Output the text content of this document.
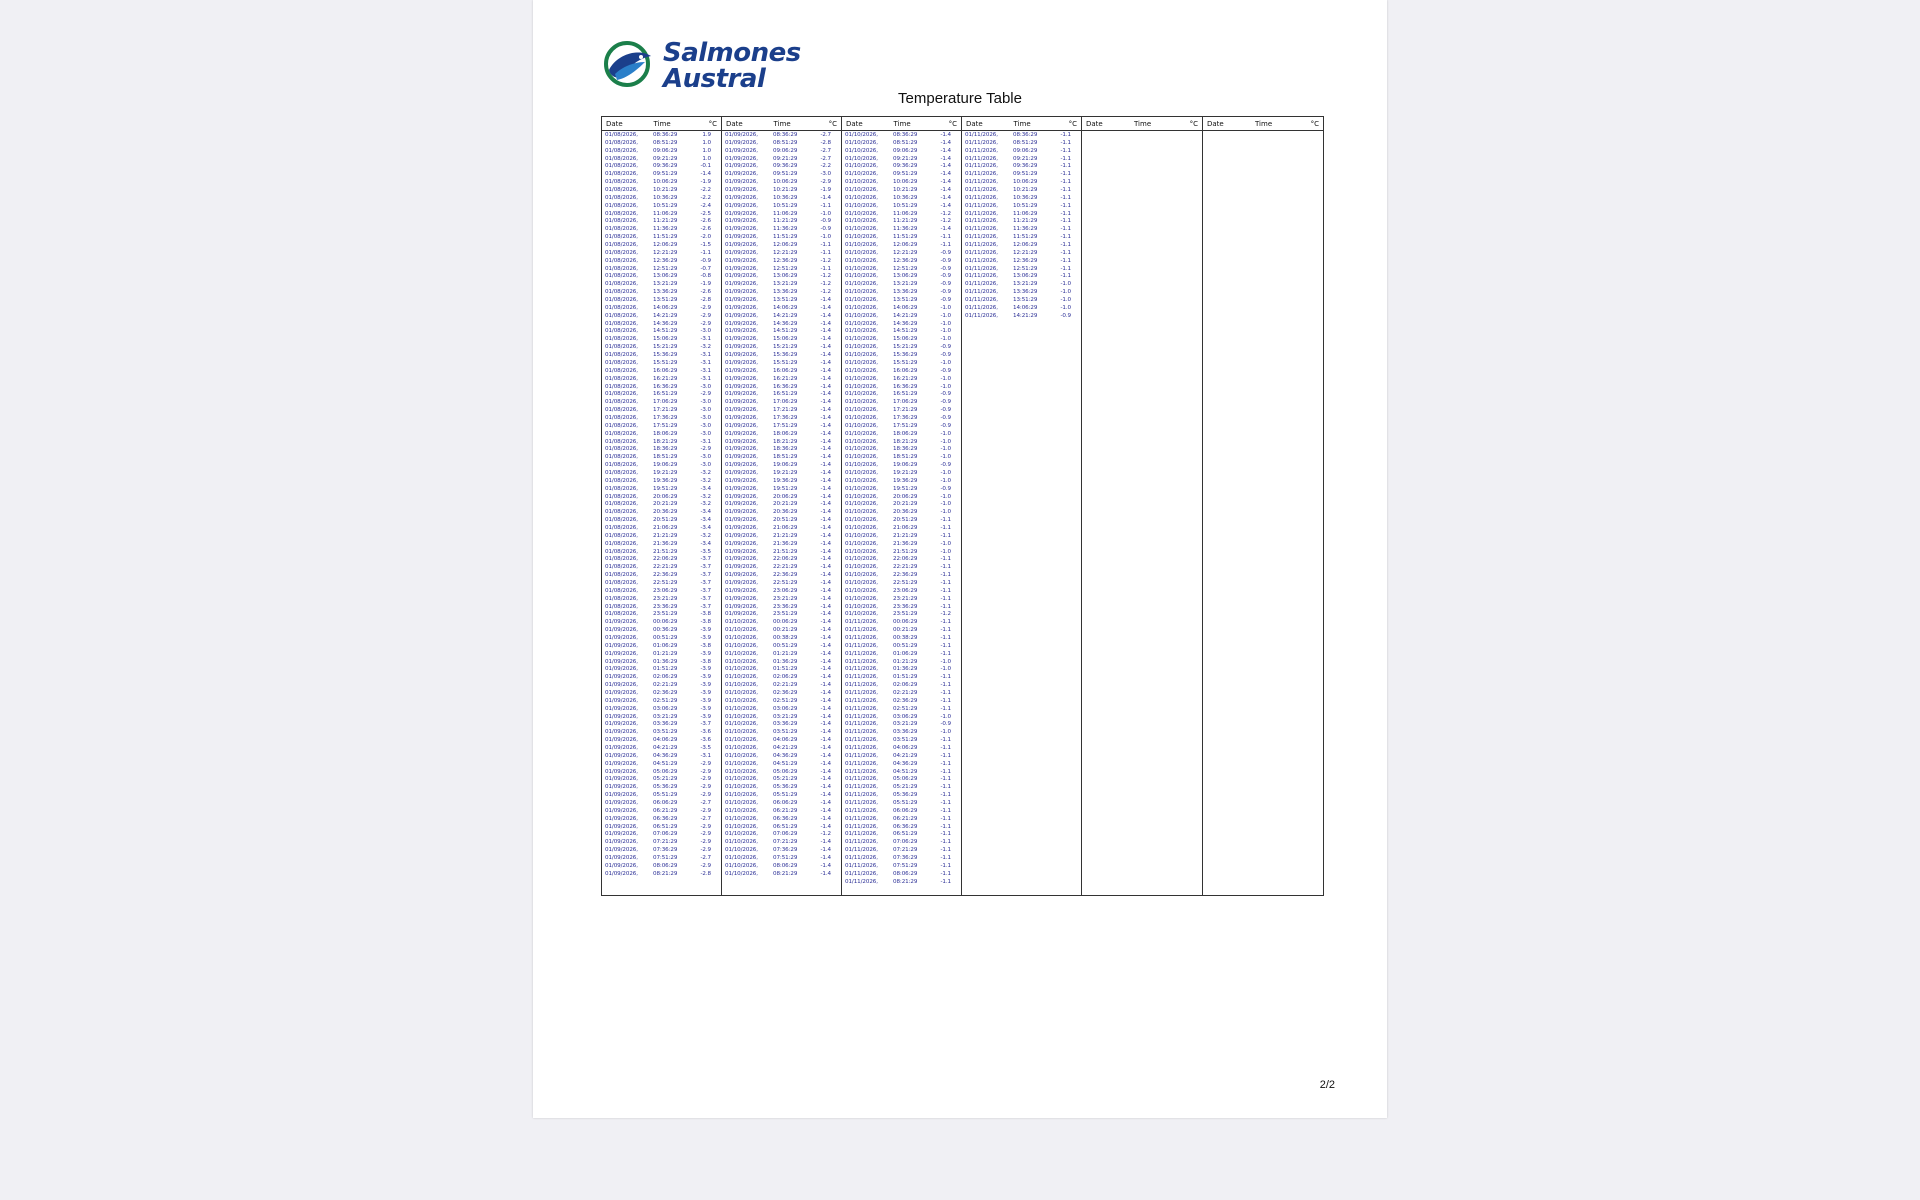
Salmones
Austral
Temperature Table
Date Time °C	Date Time °C	Date Time °C	Date Time °C	Date Time °C	Date Time °C

01/08/2026,	08:36:29	1.9
01/08/2026,	08:51:29	1.0
01/08/2026,	09:06:29	1.0
01/08/2026,	09:21:29	1.0
01/08/2026,	09:36:29	-0.1
01/08/2026,	09:51:29	-1.4
01/08/2026,	10:06:29	-1.9
01/08/2026,	10:21:29	-2.2
01/08/2026,	10:36:29	-2.2
01/08/2026,	10:51:29	-2.4
01/08/2026,	11:06:29	-2.5
01/08/2026,	11:21:29	-2.6
01/08/2026,	11:36:29	-2.6
01/08/2026,	11:51:29	-2.0
01/08/2026,	12:06:29	-1.5
01/08/2026,	12:21:29	-1.1
01/08/2026,	12:36:29	-0.9
01/08/2026,	12:51:29	-0.7
01/08/2026,	13:06:29	-0.8
01/08/2026,	13:21:29	-1.9
01/08/2026,	13:36:29	-2.6
01/08/2026,	13:51:29	-2.8
01/08/2026,	14:06:29	-2.9
01/08/2026,	14:21:29	-2.9
01/08/2026,	14:36:29	-2.9
01/08/2026,	14:51:29	-3.0
01/08/2026,	15:06:29	-3.1
01/08/2026,	15:21:29	-3.2
01/08/2026,	15:36:29	-3.1
01/08/2026,	15:51:29	-3.1
01/08/2026,	16:06:29	-3.1
01/08/2026,	16:21:29	-3.1
01/08/2026,	16:36:29	-3.0
01/08/2026,	16:51:29	-2.9
01/08/2026,	17:06:29	-3.0
01/08/2026,	17:21:29	-3.0
01/08/2026,	17:36:29	-3.0
01/08/2026,	17:51:29	-3.0
01/08/2026,	18:06:29	-3.0
01/08/2026,	18:21:29	-3.1
01/08/2026,	18:36:29	-2.9
01/08/2026,	18:51:29	-3.0
01/08/2026,	19:06:29	-3.0
01/08/2026,	19:21:29	-3.2
01/08/2026,	19:36:29	-3.2
01/08/2026,	19:51:29	-3.4
01/08/2026,	20:06:29	-3.2
01/08/2026,	20:21:29	-3.2
01/08/2026,	20:36:29	-3.4
01/08/2026,	20:51:29	-3.4
01/08/2026,	21:06:29	-3.4
01/08/2026,	21:21:29	-3.2
01/08/2026,	21:36:29	-3.4
01/08/2026,	21:51:29	-3.5
01/08/2026,	22:06:29	-3.7
01/08/2026,	22:21:29	-3.7
01/08/2026,	22:36:29	-3.7
01/08/2026,	22:51:29	-3.7
01/08/2026,	23:06:29	-3.7
01/08/2026,	23:21:29	-3.7
01/08/2026,	23:36:29	-3.7
01/08/2026,	23:51:29	-3.8
01/09/2026,	00:06:29	-3.8
01/09/2026,	00:36:29	-3.9
01/09/2026,	00:51:29	-3.9
01/09/2026,	01:06:29	-3.8
01/09/2026,	01:21:29	-3.9
01/09/2026,	01:36:29	-3.8
01/09/2026,	01:51:29	-3.9
01/09/2026,	02:06:29	-3.9
01/09/2026,	02:21:29	-3.9
01/09/2026,	02:36:29	-3.9
01/09/2026,	02:51:29	-3.9
01/09/2026,	03:06:29	-3.9
01/09/2026,	03:21:29	-3.9
01/09/2026,	03:36:29	-3.7
01/09/2026,	03:51:29	-3.6
01/09/2026,	04:06:29	-3.6
01/09/2026,	04:21:29	-3.5
01/09/2026,	04:36:29	-3.1
01/09/2026,	04:51:29	-2.9
01/09/2026,	05:06:29	-2.9
01/09/2026,	05:21:29	-2.9
01/09/2026,	05:36:29	-2.9
01/09/2026,	05:51:29	-2.9
01/09/2026,	06:06:29	-2.7
01/09/2026,	06:21:29	-2.9
01/09/2026,	06:36:29	-2.7
01/09/2026,	06:51:29	-2.9
01/09/2026,	07:06:29	-2.9
01/09/2026,	07:21:29	-2.9
01/09/2026,	07:36:29	-2.9
01/09/2026,	07:51:29	-2.7
01/09/2026,	08:06:29	-2.9
01/09/2026,	08:21:29	-2.8

01/09/2026,	08:36:29	-2.7
01/09/2026,	08:51:29	-2.8
01/09/2026,	09:06:29	-2.7
01/09/2026,	09:21:29	-2.7
01/09/2026,	09:36:29	-2.2
01/09/2026,	09:51:29	-3.0
01/09/2026,	10:06:29	-2.9
01/09/2026,	10:21:29	-1.9
01/09/2026,	10:36:29	-1.4
01/09/2026,	10:51:29	-1.1
01/09/2026,	11:06:29	-1.0
01/09/2026,	11:21:29	-0.9
01/09/2026,	11:36:29	-0.9
01/09/2026,	11:51:29	-1.0
01/09/2026,	12:06:29	-1.1
01/09/2026,	12:21:29	-1.1
01/09/2026,	12:36:29	-1.2
01/09/2026,	12:51:29	-1.1
01/09/2026,	13:06:29	-1.2
01/09/2026,	13:21:29	-1.2
01/09/2026,	13:36:29	-1.2
01/09/2026,	13:51:29	-1.4
01/09/2026,	14:06:29	-1.4
01/09/2026,	14:21:29	-1.4
01/09/2026,	14:36:29	-1.4
01/09/2026,	14:51:29	-1.4
01/09/2026,	15:06:29	-1.4
01/09/2026,	15:21:29	-1.4
01/09/2026,	15:36:29	-1.4
01/09/2026,	15:51:29	-1.4
01/09/2026,	16:06:29	-1.4
01/09/2026,	16:21:29	-1.4
01/09/2026,	16:36:29	-1.4
01/09/2026,	16:51:29	-1.4
01/09/2026,	17:06:29	-1.4
01/09/2026,	17:21:29	-1.4
01/09/2026,	17:36:29	-1.4
01/09/2026,	17:51:29	-1.4
01/09/2026,	18:06:29	-1.4
01/09/2026,	18:21:29	-1.4
01/09/2026,	18:36:29	-1.4
01/09/2026,	18:51:29	-1.4
01/09/2026,	19:06:29	-1.4
01/09/2026,	19:21:29	-1.4
01/09/2026,	19:36:29	-1.4
01/09/2026,	19:51:29	-1.4
01/09/2026,	20:06:29	-1.4
01/09/2026,	20:21:29	-1.4
01/09/2026,	20:36:29	-1.4
01/09/2026,	20:51:29	-1.4
01/09/2026,	21:06:29	-1.4
01/09/2026,	21:21:29	-1.4
01/09/2026,	21:36:29	-1.4
01/09/2026,	21:51:29	-1.4
01/09/2026,	22:06:29	-1.4
01/09/2026,	22:21:29	-1.4
01/09/2026,	22:36:29	-1.4
01/09/2026,	22:51:29	-1.4
01/09/2026,	23:06:29	-1.4
01/09/2026,	23:21:29	-1.4
01/09/2026,	23:36:29	-1.4
01/09/2026,	23:51:29	-1.4
01/10/2026,	00:06:29	-1.4
01/10/2026,	00:21:29	-1.4
01/10/2026,	00:38:29	-1.4
01/10/2026,	00:51:29	-1.4
01/10/2026,	01:21:29	-1.4
01/10/2026,	01:36:29	-1.4
01/10/2026,	01:51:29	-1.4
01/10/2026,	02:06:29	-1.4
01/10/2026,	02:21:29	-1.4
01/10/2026,	02:36:29	-1.4
01/10/2026,	02:51:29	-1.4
01/10/2026,	03:06:29	-1.4
01/10/2026,	03:21:29	-1.4
01/10/2026,	03:36:29	-1.4
01/10/2026,	03:51:29	-1.4
01/10/2026,	04:06:29	-1.4
01/10/2026,	04:21:29	-1.4
01/10/2026,	04:36:29	-1.4
01/10/2026,	04:51:29	-1.4
01/10/2026,	05:06:29	-1.4
01/10/2026,	05:21:29	-1.4
01/10/2026,	05:36:29	-1.4
01/10/2026,	05:51:29	-1.4
01/10/2026,	06:06:29	-1.4
01/10/2026,	06:21:29	-1.4
01/10/2026,	06:36:29	-1.4
01/10/2026,	06:51:29	-1.4
01/10/2026,	07:06:29	-1.2
01/10/2026,	07:21:29	-1.4
01/10/2026,	07:36:29	-1.4
01/10/2026,	07:51:29	-1.4
01/10/2026,	08:06:29	-1.4
01/10/2026,	08:21:29	-1.4

01/10/2026,	08:36:29	-1.4
01/10/2026,	08:51:29	-1.4
01/10/2026,	09:06:29	-1.4
01/10/2026,	09:21:29	-1.4
01/10/2026,	09:36:29	-1.4
01/10/2026,	09:51:29	-1.4
01/10/2026,	10:06:29	-1.4
01/10/2026,	10:21:29	-1.4
01/10/2026,	10:36:29	-1.4
01/10/2026,	10:51:29	-1.4
01/10/2026,	11:06:29	-1.2
01/10/2026,	11:21:29	-1.2
01/10/2026,	11:36:29	-1.4
01/10/2026,	11:51:29	-1.1
01/10/2026,	12:06:29	-1.1
01/10/2026,	12:21:29	-0.9
01/10/2026,	12:36:29	-0.9
01/10/2026,	12:51:29	-0.9
01/10/2026,	13:06:29	-0.9
01/10/2026,	13:21:29	-0.9
01/10/2026,	13:36:29	-0.9
01/10/2026,	13:51:29	-0.9
01/10/2026,	14:06:29	-1.0
01/10/2026,	14:21:29	-1.0
01/10/2026,	14:36:29	-1.0
01/10/2026,	14:51:29	-1.0
01/10/2026,	15:06:29	-1.0
01/10/2026,	15:21:29	-0.9
01/10/2026,	15:36:29	-0.9
01/10/2026,	15:51:29	-1.0
01/10/2026,	16:06:29	-0.9
01/10/2026,	16:21:29	-1.0
01/10/2026,	16:36:29	-1.0
01/10/2026,	16:51:29	-0.9
01/10/2026,	17:06:29	-0.9
01/10/2026,	17:21:29	-0.9
01/10/2026,	17:36:29	-0.9
01/10/2026,	17:51:29	-0.9
01/10/2026,	18:06:29	-1.0
01/10/2026,	18:21:29	-1.0
01/10/2026,	18:36:29	-1.0
01/10/2026,	18:51:29	-1.0
01/10/2026,	19:06:29	-0.9
01/10/2026,	19:21:29	-1.0
01/10/2026,	19:36:29	-1.0
01/10/2026,	19:51:29	-0.9
01/10/2026,	20:06:29	-1.0
01/10/2026,	20:21:29	-1.0
01/10/2026,	20:36:29	-1.0
01/10/2026,	20:51:29	-1.1
01/10/2026,	21:06:29	-1.1
01/10/2026,	21:21:29	-1.1
01/10/2026,	21:36:29	-1.0
01/10/2026,	21:51:29	-1.0
01/10/2026,	22:06:29	-1.1
01/10/2026,	22:21:29	-1.1
01/10/2026,	22:36:29	-1.1
01/10/2026,	22:51:29	-1.1
01/10/2026,	23:06:29	-1.1
01/10/2026,	23:21:29	-1.1
01/10/2026,	23:36:29	-1.1
01/10/2026,	23:51:29	-1.2
01/11/2026,	00:06:29	-1.1
01/11/2026,	00:21:29	-1.1
01/11/2026,	00:38:29	-1.1
01/11/2026,	00:51:29	-1.1
01/11/2026,	01:06:29	-1.1
01/11/2026,	01:21:29	-1.0
01/11/2026,	01:36:29	-1.0
01/11/2026,	01:51:29	-1.1
01/11/2026,	02:06:29	-1.1
01/11/2026,	02:21:29	-1.1
01/11/2026,	02:36:29	-1.1
01/11/2026,	02:51:29	-1.1
01/11/2026,	03:06:29	-1.0
01/11/2026,	03:21:29	-0.9
01/11/2026,	03:36:29	-1.0
01/11/2026,	03:51:29	-1.1
01/11/2026,	04:06:29	-1.1
01/11/2026,	04:21:29	-1.1
01/11/2026,	04:36:29	-1.1
01/11/2026,	04:51:29	-1.1
01/11/2026,	05:06:29	-1.1
01/11/2026,	05:21:29	-1.1
01/11/2026,	05:36:29	-1.1
01/11/2026,	05:51:29	-1.1
01/11/2026,	06:06:29	-1.1
01/11/2026,	06:21:29	-1.1
01/11/2026,	06:36:29	-1.1
01/11/2026,	06:51:29	-1.1
01/11/2026,	07:06:29	-1.1
01/11/2026,	07:21:29	-1.1
01/11/2026,	07:36:29	-1.1
01/11/2026,	07:51:29	-1.1
01/11/2026,	08:06:29	-1.1
01/11/2026,	08:21:29	-1.1

01/11/2026,	08:36:29	-1.1
01/11/2026,	08:51:29	-1.1
01/11/2026,	09:06:29	-1.1
01/11/2026,	09:21:29	-1.1
01/11/2026,	09:36:29	-1.1
01/11/2026,	09:51:29	-1.1
01/11/2026,	10:06:29	-1.1
01/11/2026,	10:21:29	-1.1
01/11/2026,	10:36:29	-1.1
01/11/2026,	10:51:29	-1.1
01/11/2026,	11:06:29	-1.1
01/11/2026,	11:21:29	-1.1
01/11/2026,	11:36:29	-1.1
01/11/2026,	11:51:29	-1.1
01/11/2026,	12:06:29	-1.1
01/11/2026,	12:21:29	-1.1
01/11/2026,	12:36:29	-1.1
01/11/2026,	12:51:29	-1.1
01/11/2026,	13:06:29	-1.1
01/11/2026,	13:21:29	-1.0
01/11/2026,	13:36:29	-1.0
01/11/2026,	13:51:29	-1.0
01/11/2026,	14:06:29	-1.0
01/11/2026,	14:21:29	-0.9

2/2
